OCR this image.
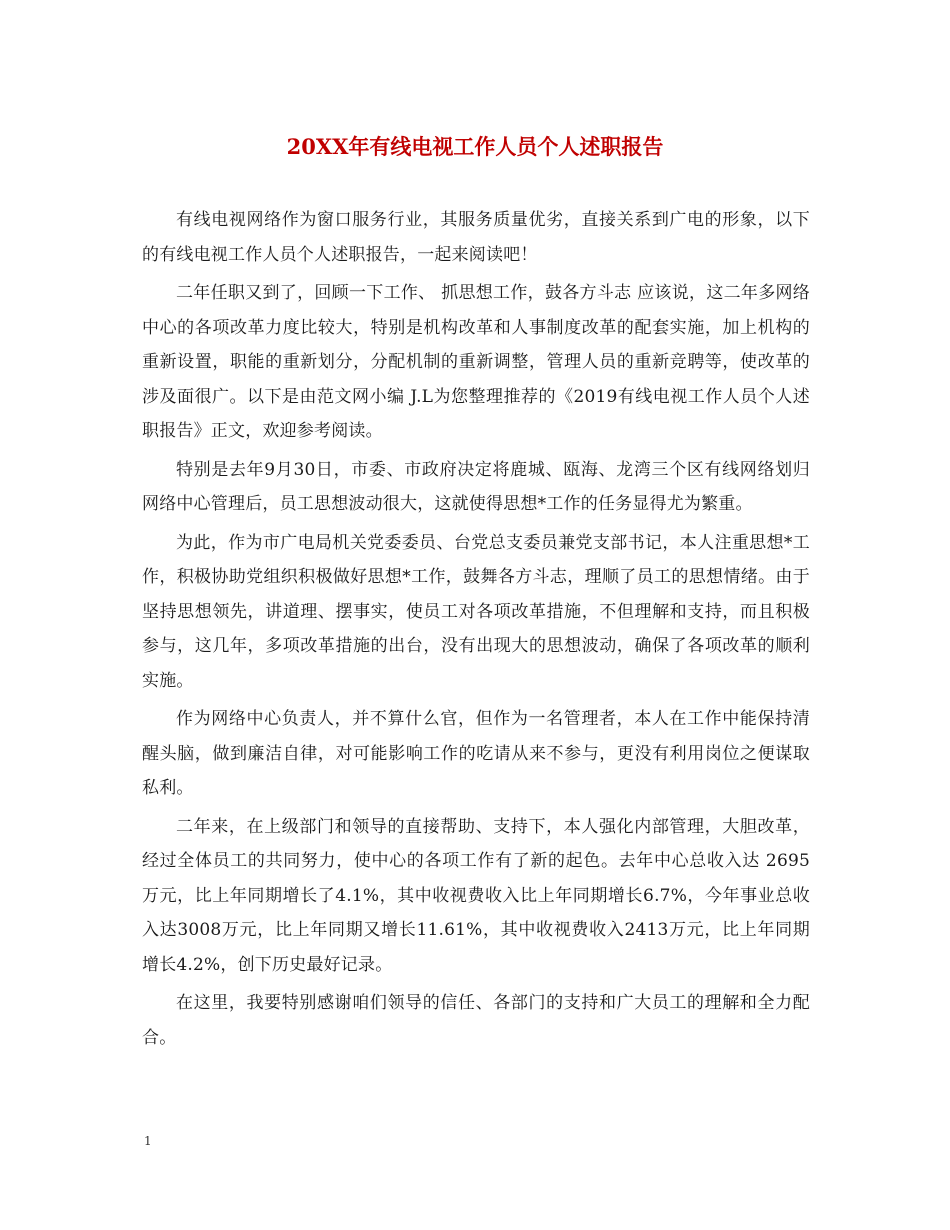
20XX年有线电视工作人员个人述职报告

有线电视网络作为窗口服务行业，其服务质量优劣，直接关系到广电的形象，以下的有线电视工作人员个人述职报告，一起来阅读吧！

二年任职又到了，回顾一下工作、 抓思想工作，鼓各方斗志 应该说，这二年多网络中心的各项改革力度比较大，特别是机构改革和人事制度改革的配套实施，加上机构的重新设置，职能的重新划分，分配机制的重新调整，管理人员的重新竞聘等，使改革的涉及面很广。以下是由范文网小编 J.L为您整理推荐的《2019有线电视工作人员个人述职报告》正文，欢迎参考阅读。

特别是去年9月30日，市委、市政府决定将鹿城、瓯海、龙湾三个区有线网络划归网络中心管理后，员工思想波动很大，这就使得思想*工作的任务显得尤为繁重。

为此，作为市广电局机关党委委员、台党总支委员兼党支部书记，本人注重思想*工作，积极协助党组织积极做好思想*工作，鼓舞各方斗志，理顺了员工的思想情绪。由于坚持思想领先，讲道理、摆事实，使员工对各项改革措施，不但理解和支持，而且积极参与，这几年，多项改革措施的出台，没有出现大的思想波动，确保了各项改革的顺利实施。

作为网络中心负责人，并不算什么官，但作为一名管理者，本人在工作中能保持清醒头脑，做到廉洁自律，对可能影响工作的吃请从来不参与，更没有利用岗位之便谋取私利。

二年来，在上级部门和领导的直接帮助、支持下，本人强化内部管理，大胆改革，经过全体员工的共同努力，使中心的各项工作有了新的起色。去年中心总收入达 2695万元，比上年同期增长了4.1%，其中收视费收入比上年同期增长6.7%，今年事业总收入达3008万元，比上年同期又增长11.61%，其中收视费收入2413万元，比上年同期增长4.2%，创下历史最好记录。

在这里，我要特别感谢咱们领导的信任、各部门的支持和广大员工的理解和全力配合。

1
